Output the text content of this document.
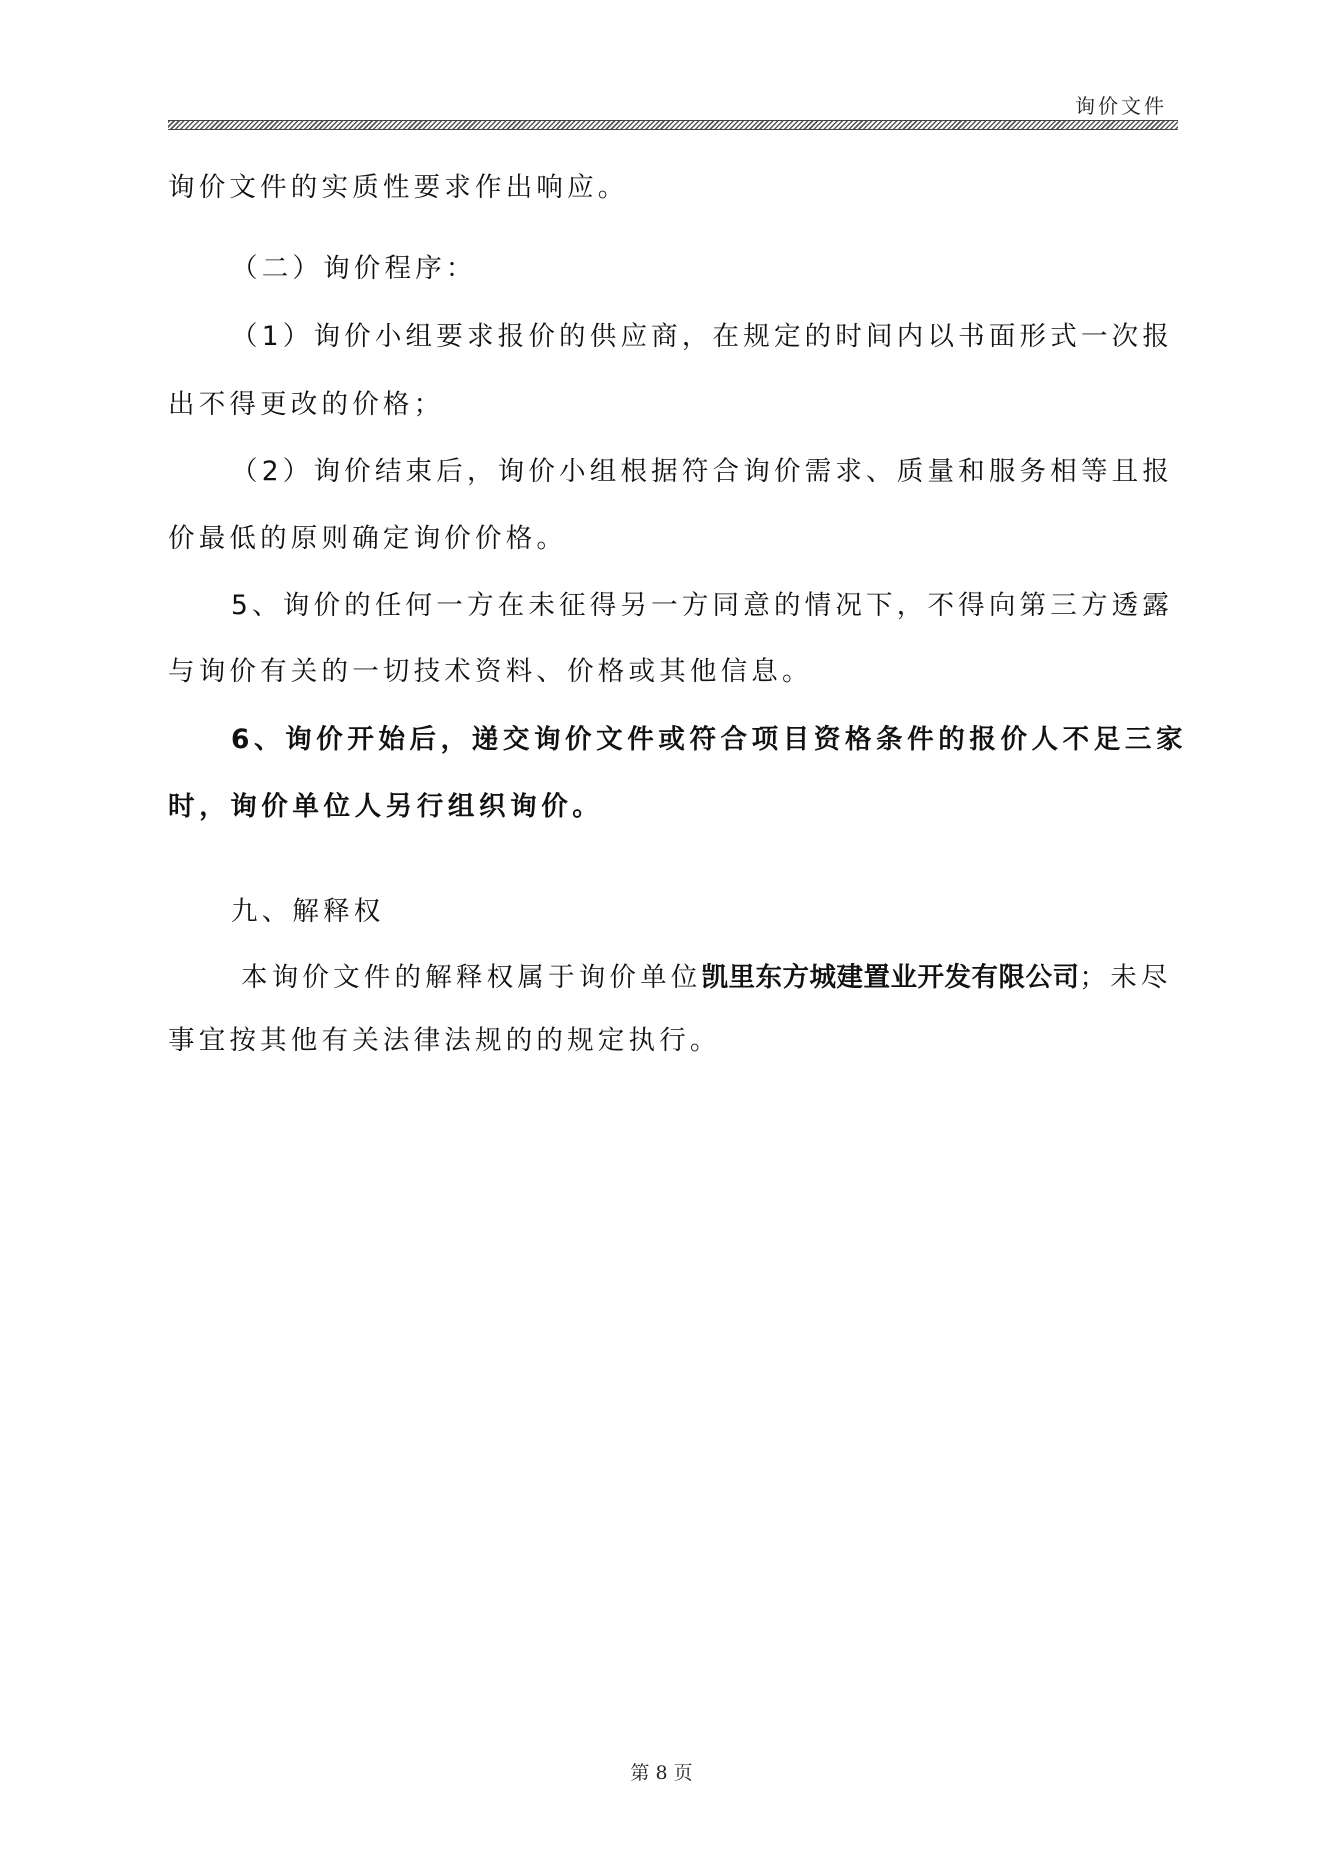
询价文件
询价文件的实质性要求作出响应。
（二）询价程序：
（1）询价小组要求报价的供应商，在规定的时间内以书面形式一次报
出不得更改的价格；
（2）询价结束后，询价小组根据符合询价需求、质量和服务相等且报
价最低的原则确定询价价格。
5、询价的任何一方在未征得另一方同意的情况下，不得向第三方透露
与询价有关的一切技术资料、价格或其他信息。
6、询价开始后，递交询价文件或符合项目资格条件的报价人不足三家
时，询价单位人另行组织询价。
九、解释权
本询价文件的解释权属于询价单位凯里东方城建置业开发有限公司；未尽
事宜按其他有关法律法规的的规定执行。
第 8 页
